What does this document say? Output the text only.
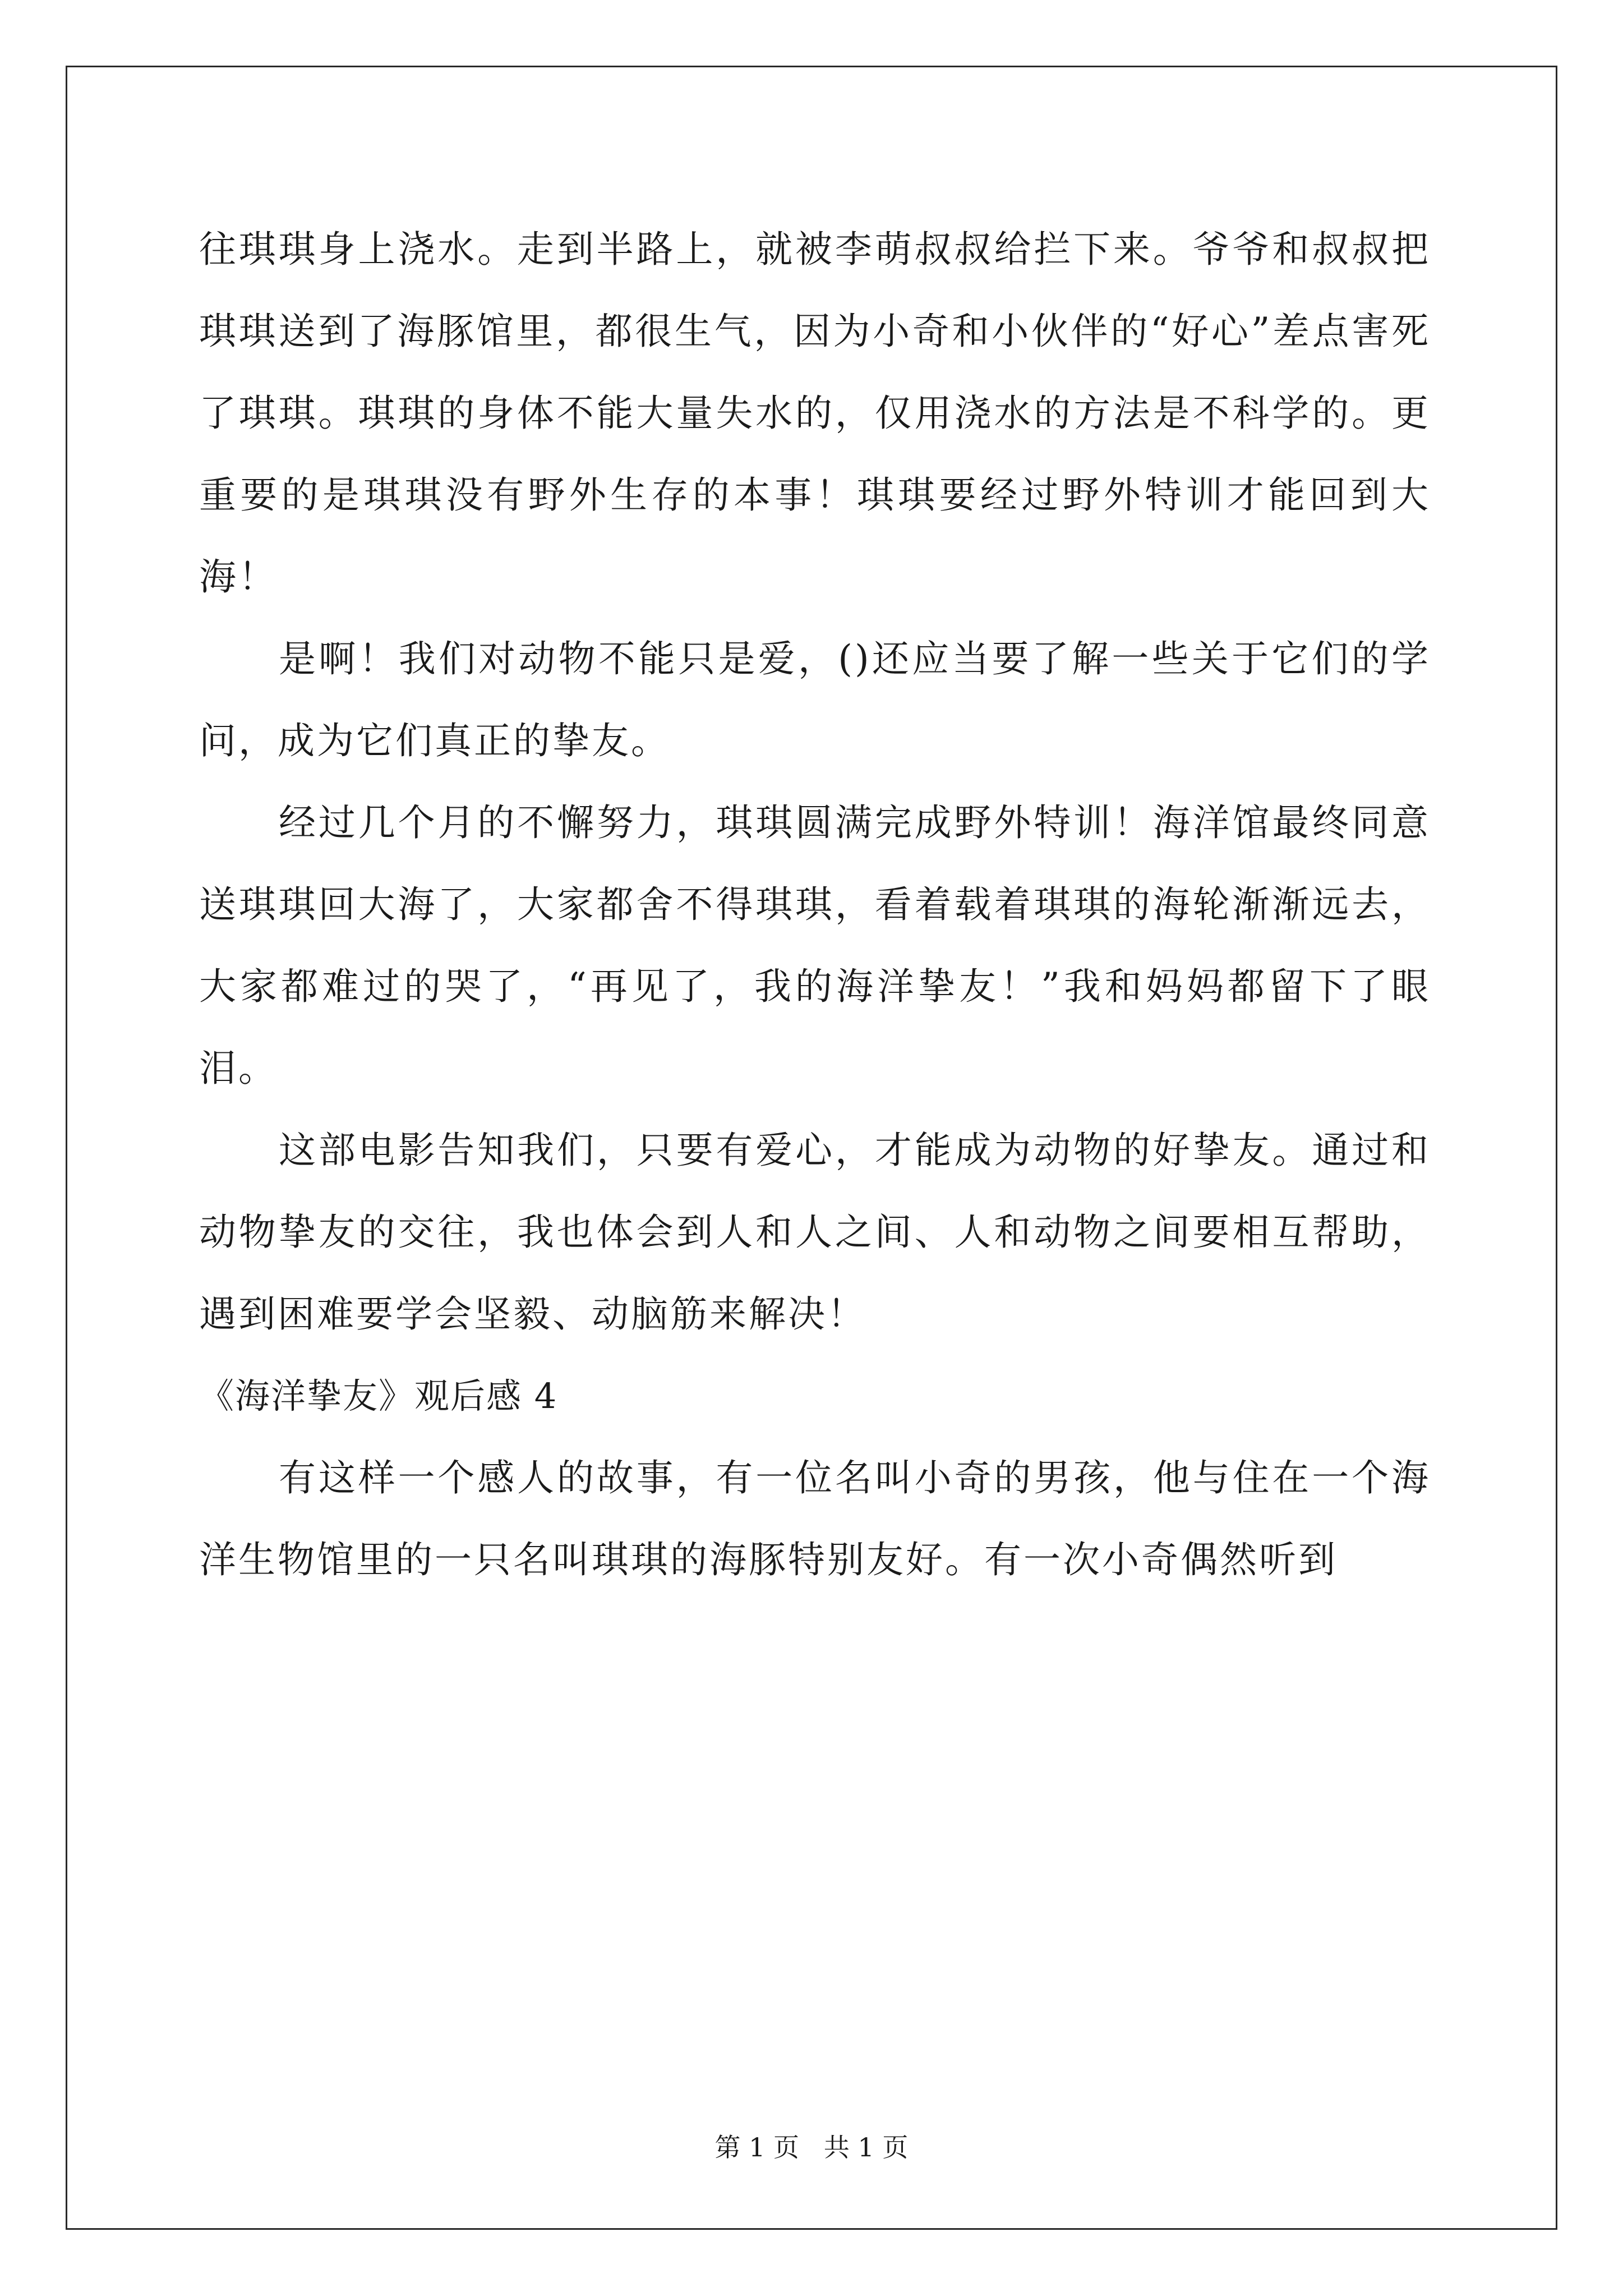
往琪琪身上浇水。走到半路上，就被李萌叔叔给拦下来。爷爷和叔叔把琪琪送到了海豚馆里，都很生气，因为小奇和小伙伴的“好心”差点害死了琪琪。琪琪的身体不能大量失水的，仅用浇水的方法是不科学的。更重要的是琪琪没有野外生存的本事！琪琪要经过野外特训才能回到大海！

是啊！我们对动物不能只是爱，()还应当要了解一些关于它们的学问，成为它们真正的挚友。

经过几个月的不懈努力，琪琪圆满完成野外特训！海洋馆最终同意送琪琪回大海了，大家都舍不得琪琪，看着载着琪琪的海轮渐渐远去，大家都难过的哭了，“再见了，我的海洋挚友！”我和妈妈都留下了眼泪。

这部电影告知我们，只要有爱心，才能成为动物的好挚友。通过和动物挚友的交往，我也体会到人和人之间、人和动物之间要相互帮助，遇到困难要学会坚毅、动脑筋来解决！

《海洋挚友》观后感 4

有这样一个感人的故事，有一位名叫小奇的男孩，他与住在一个海洋生物馆里的一只名叫琪琪的海豚特别友好。有一次小奇偶然听到

第 1 页   共 1 页
